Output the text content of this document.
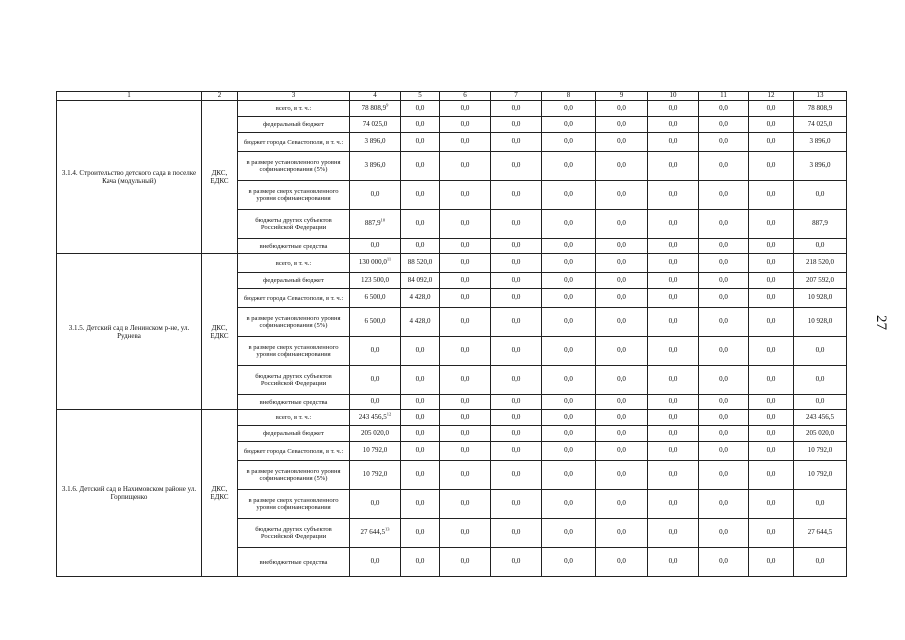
1	2	3	4	5	6	7	8	9	10	11	12	13
3.1.4. Строительство детского сада в поселке Кача (модульный)	ДКС, ЕДКС	всего, в т. ч.:	78 808,9$^9$	0,0	0,0	0,0	0,0	0,0	0,0	0,0	0,0	78 808,9
		федеральный бюджет	74 025,0	0,0	0,0	0,0	0,0	0,0	0,0	0,0	0,0	74 025,0
		бюджет города Севастополя, в т. ч.:	3 896,0	0,0	0,0	0,0	0,0	0,0	0,0	0,0	0,0	3 896,0
		в размере установленного уровня софинансирования (5%)	3 896,0	0,0	0,0	0,0	0,0	0,0	0,0	0,0	0,0	3 896,0
		в размере сверх установленного уровня софинансирования	0,0	0,0	0,0	0,0	0,0	0,0	0,0	0,0	0,0	0,0
		бюджеты других субъектов Российской Федерации	887,9$^{10}$	0,0	0,0	0,0	0,0	0,0	0,0	0,0	0,0	887,9
		внебюджетные средства	0,0	0,0	0,0	0,0	0,0	0,0	0,0	0,0	0,0	0,0
3.1.5. Детский сад в Ленинском р-не, ул. Руднева	ДКС, ЕДКС	всего, в т. ч.:	130 000,0$^{11}$	88 520,0	0,0	0,0	0,0	0,0	0,0	0,0	0,0	218 520,0
		федеральный бюджет	123 500,0	84 092,0	0,0	0,0	0,0	0,0	0,0	0,0	0,0	207 592,0
		бюджет города Севастополя, в т. ч.:	6 500,0	4 428,0	0,0	0,0	0,0	0,0	0,0	0,0	0,0	10 928,0
		в размере установленного уровня софинансирования (5%)	6 500,0	4 428,0	0,0	0,0	0,0	0,0	0,0	0,0	0,0	10 928,0
		в размере сверх установленного уровня софинансирования	0,0	0,0	0,0	0,0	0,0	0,0	0,0	0,0	0,0	0,0
		бюджеты других субъектов Российской Федерации	0,0	0,0	0,0	0,0	0,0	0,0	0,0	0,0	0,0	0,0
		внебюджетные средства	0,0	0,0	0,0	0,0	0,0	0,0	0,0	0,0	0,0	0,0
3.1.6. Детский сад в Нахимовском районе ул. Горпищенко	ДКС, ЕДКС	всего, в т. ч.:	243 456,5$^{12}$	0,0	0,0	0,0	0,0	0,0	0,0	0,0	0,0	243 456,5
		федеральный бюджет	205 020,0	0,0	0,0	0,0	0,0	0,0	0,0	0,0	0,0	205 020,0
		бюджет города Севастополя, в т. ч.:	10 792,0	0,0	0,0	0,0	0,0	0,0	0,0	0,0	0,0	10 792,0
		в размере установленного уровня софинансирования (5%)	10 792,0	0,0	0,0	0,0	0,0	0,0	0,0	0,0	0,0	10 792,0
		в размере сверх установленного уровня софинансирования	0,0	0,0	0,0	0,0	0,0	0,0	0,0	0,0	0,0	0,0
		бюджеты других субъектов Российской Федерации	27 644,5$^{13}$	0,0	0,0	0,0	0,0	0,0	0,0	0,0	0,0	27 644,5
		внебюджетные средства	0,0	0,0	0,0	0,0	0,0	0,0	0,0	0,0	0,0	0,0
27
